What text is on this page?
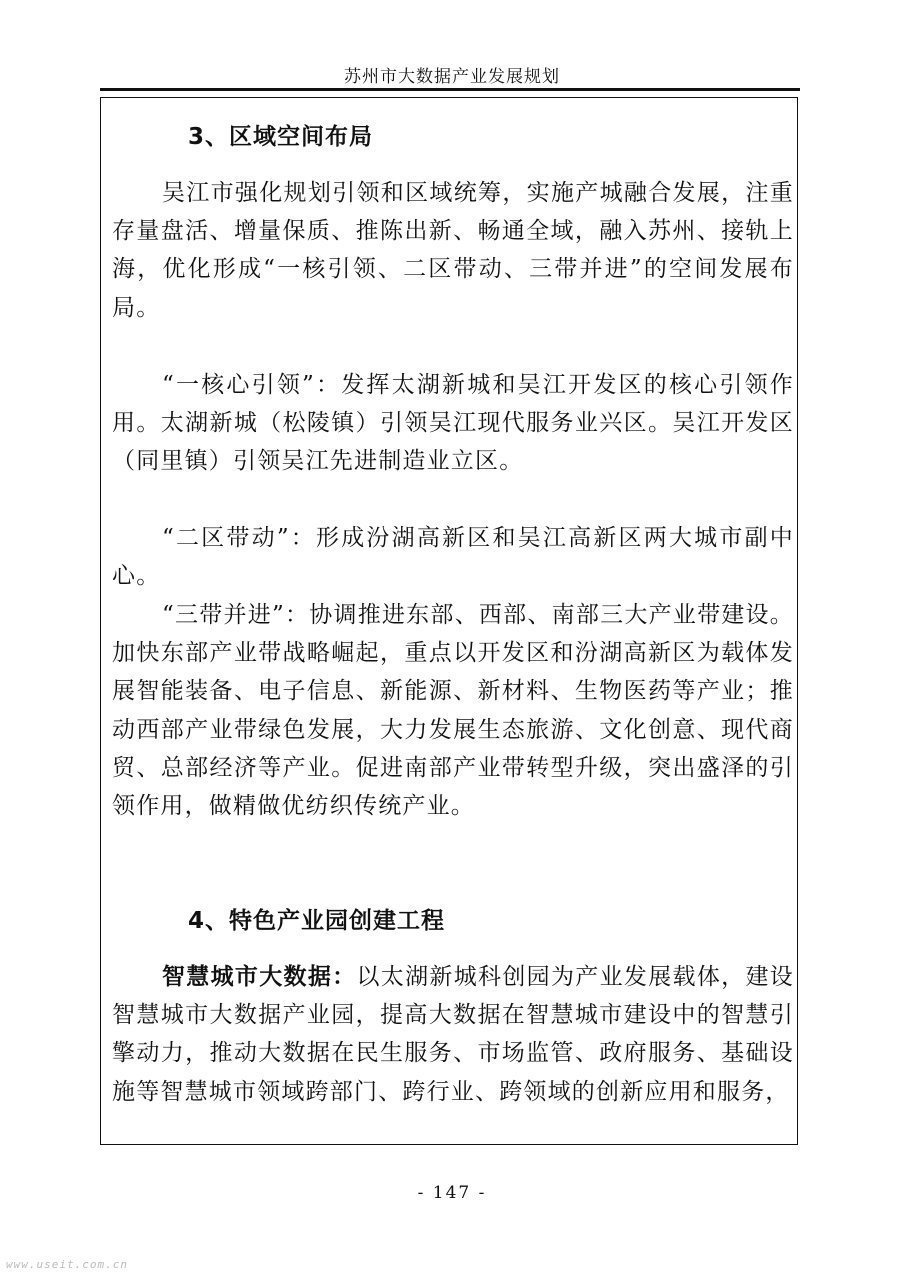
苏州市大数据产业发展规划
3、区域空间布局
吴江市强化规划引领和区域统筹，实施产城融合发展，注重存量盘活、增量保质、推陈出新、畅通全域，融入苏州、接轨上海，优化形成“一核引领、二区带动、三带并进”的空间发展布局。
“一核心引领”：发挥太湖新城和吴江开发区的核心引领作用。太湖新城（松陵镇）引领吴江现代服务业兴区。吴江开发区（同里镇）引领吴江先进制造业立区。
“二区带动”：形成汾湖高新区和吴江高新区两大城市副中心。
“三带并进”：协调推进东部、西部、南部三大产业带建设。加快东部产业带战略崛起，重点以开发区和汾湖高新区为载体发展智能装备、电子信息、新能源、新材料、生物医药等产业；推动西部产业带绿色发展，大力发展生态旅游、文化创意、现代商贸、总部经济等产业。促进南部产业带转型升级，突出盛泽的引领作用，做精做优纺织传统产业。
4、特色产业园创建工程
智慧城市大数据：以太湖新城科创园为产业发展载体，建设智慧城市大数据产业园，提高大数据在智慧城市建设中的智慧引擎动力，推动大数据在民生服务、市场监管、政府服务、基础设施等智慧城市领域跨部门、跨行业、跨领域的创新应用和服务，
- 147 -
www.useit.com.cn
